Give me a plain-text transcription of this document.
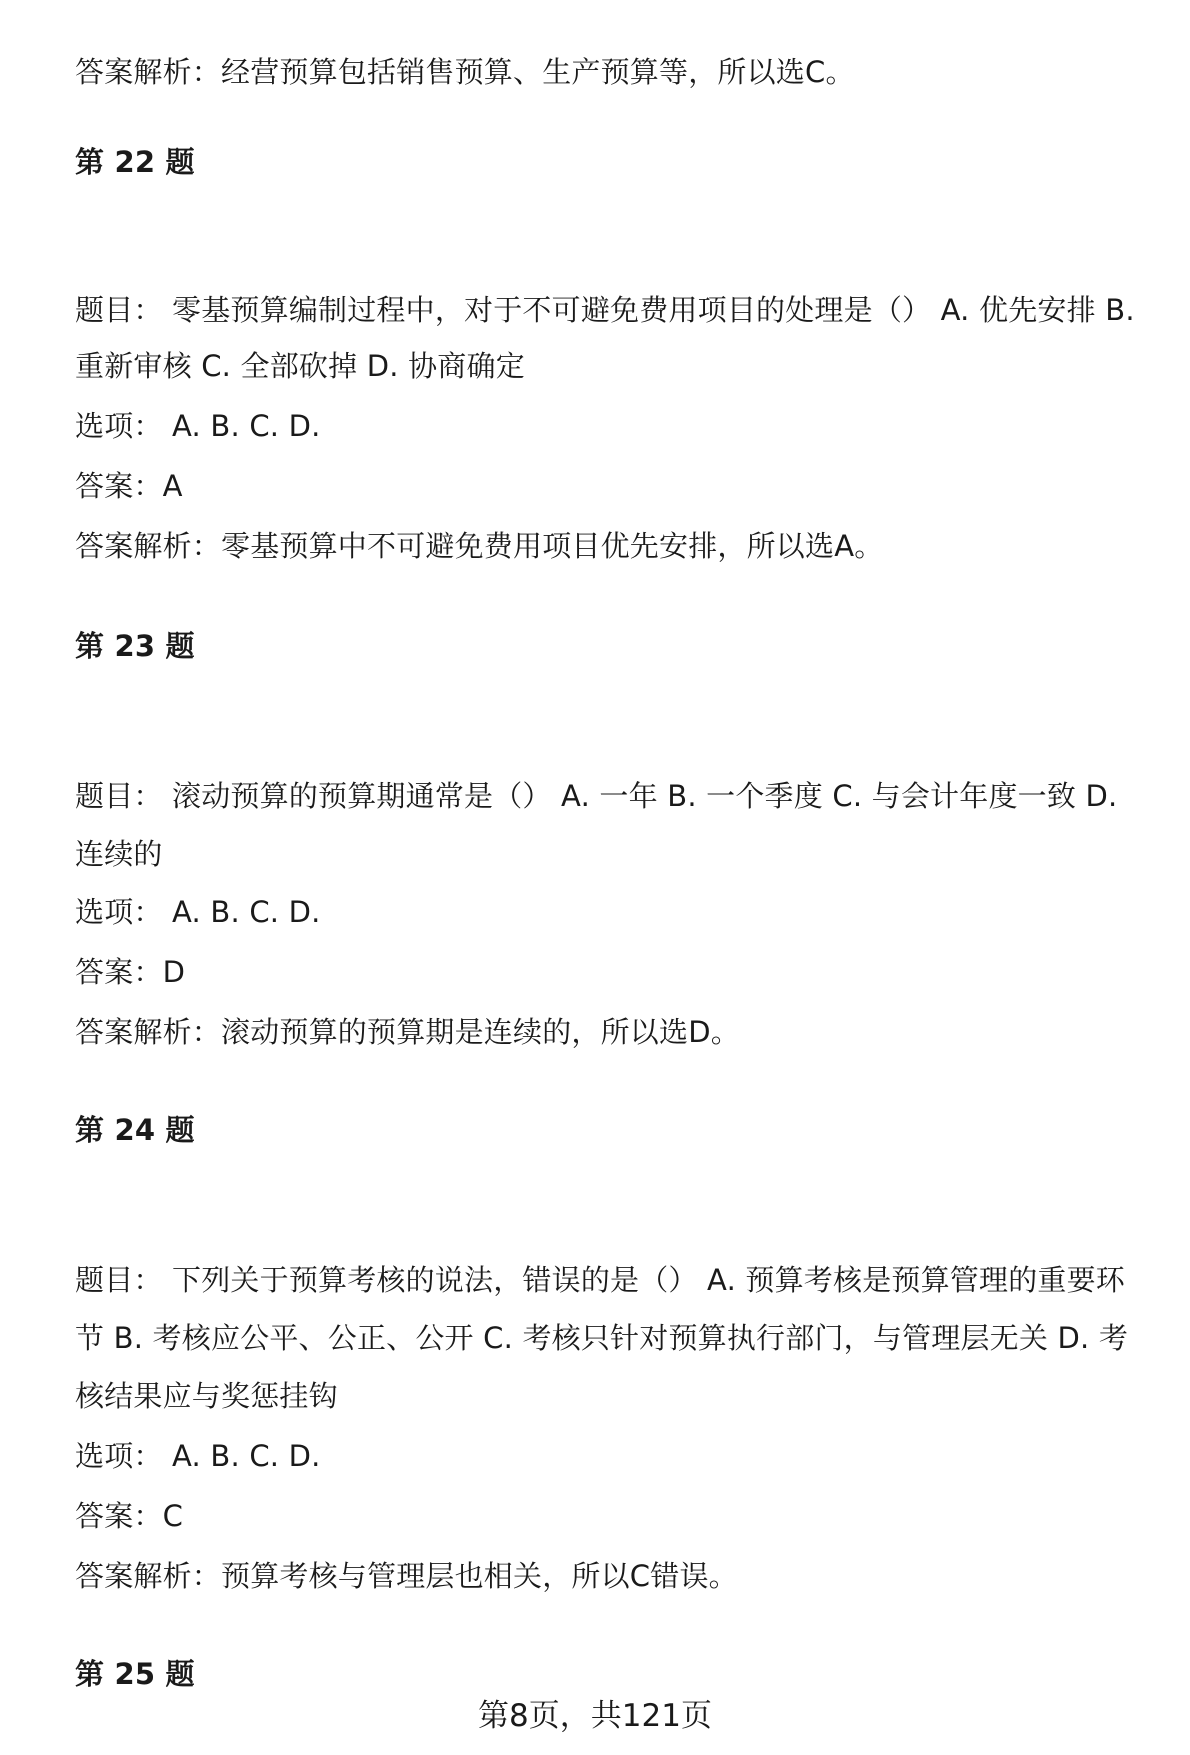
答案解析：经营预算包括销售预算、生产预算等，所以选C。
第 22 题
题目： 零基预算编制过程中，对于不可避免费用项目的处理是（） A. 优先安排 B.
重新审核 C. 全部砍掉 D. 协商确定
选项： A. B. C. D.
答案：A
答案解析：零基预算中不可避免费用项目优先安排，所以选A。
第 23 题
题目： 滚动预算的预算期通常是（） A. 一年 B. 一个季度 C. 与会计年度一致 D.
连续的
选项： A. B. C. D.
答案：D
答案解析：滚动预算的预算期是连续的，所以选D。
第 24 题
题目： 下列关于预算考核的说法，错误的是（） A. 预算考核是预算管理的重要环
节 B. 考核应公平、公正、公开 C. 考核只针对预算执行部门，与管理层无关 D. 考
核结果应与奖惩挂钩
选项： A. B. C. D.
答案：C
答案解析：预算考核与管理层也相关，所以C错误。
第 25 题
第8页，共121页
